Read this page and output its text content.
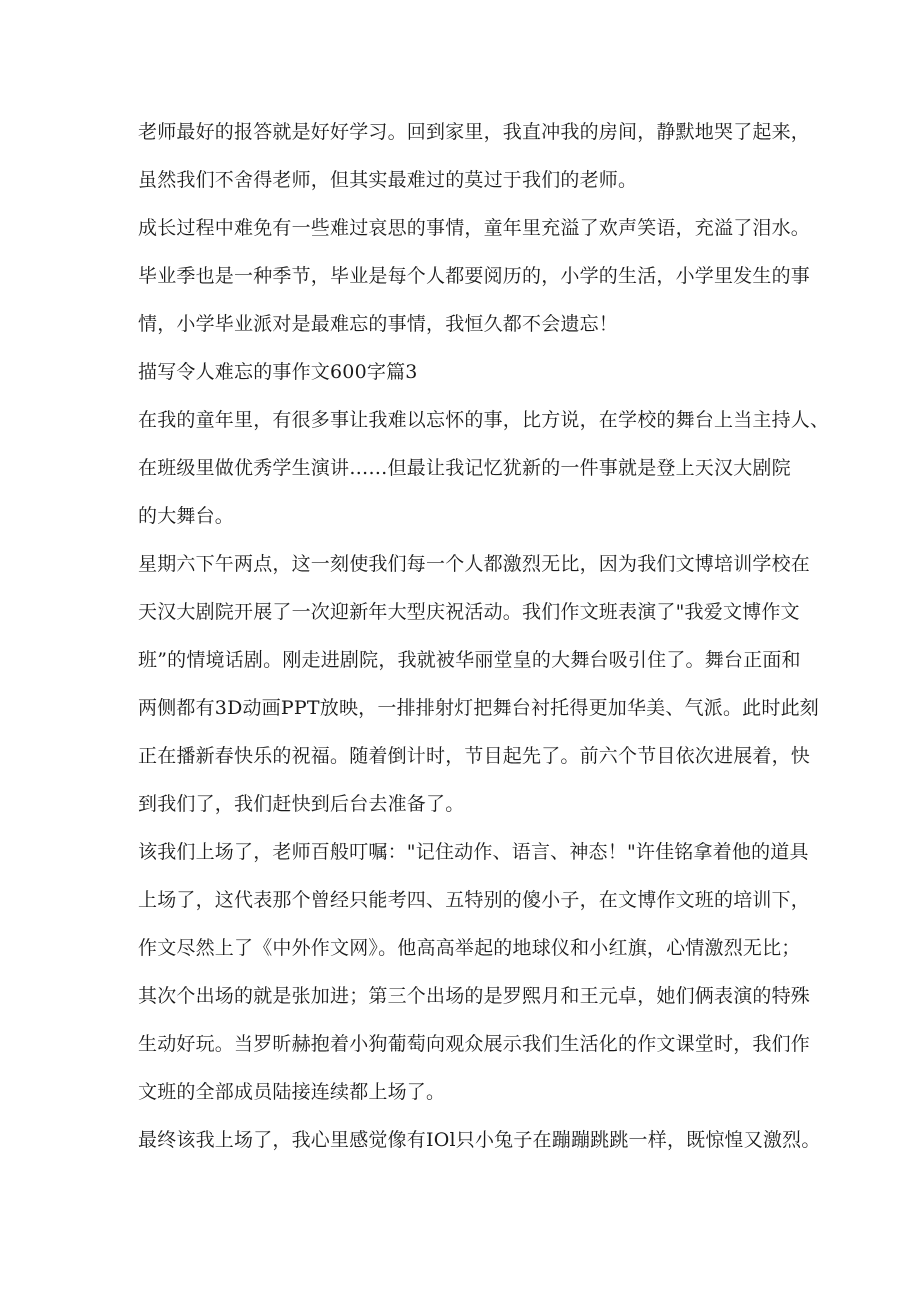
老师最好的报答就是好好学习。回到家里，我直冲我的房间，静默地哭了起来，

虽然我们不舍得老师，但其实最难过的莫过于我们的老师。

成长过程中难免有一些难过哀思的事情，童年里充溢了欢声笑语，充溢了泪水。

毕业季也是一种季节，毕业是每个人都要阅历的，小学的生活，小学里发生的事

情，小学毕业派对是最难忘的事情，我恒久都不会遗忘！

描写令人难忘的事作文600字篇3

在我的童年里，有很多事让我难以忘怀的事，比方说，在学校的舞台上当主持人、

在班级里做优秀学生演讲……但最让我记忆犹新的一件事就是登上天汉大剧院

的大舞台。

星期六下午两点，这一刻使我们每一个人都激烈无比，因为我们文博培训学校在

天汉大剧院开展了一次迎新年大型庆祝活动。我们作文班表演了"我爱文博作文

班”的情境话剧。刚走进剧院，我就被华丽堂皇的大舞台吸引住了。舞台正面和

两侧都有3D动画PPT放映，一排排射灯把舞台衬托得更加华美、气派。此时此刻

正在播新春快乐的祝福。随着倒计时，节目起先了。前六个节目依次进展着，快

到我们了，我们赶快到后台去准备了。

该我们上场了，老师百般叮嘱："记住动作、语言、神态！"许佳铭拿着他的道具

上场了，这代表那个曾经只能考四、五特别的傻小子，在文博作文班的培训下，

作文尽然上了《中外作文网》。他高高举起的地球仪和小红旗，心情激烈无比；

其次个出场的就是张加进；第三个出场的是罗熙月和王元卓，她们俩表演的特殊

生动好玩。当罗昕赫抱着小狗葡萄向观众展示我们生活化的作文课堂时，我们作

文班的全部成员陆接连续都上场了。

最终该我上场了，我心里感觉像有IOl只小兔子在蹦蹦跳跳一样，既惊惶又激烈。
